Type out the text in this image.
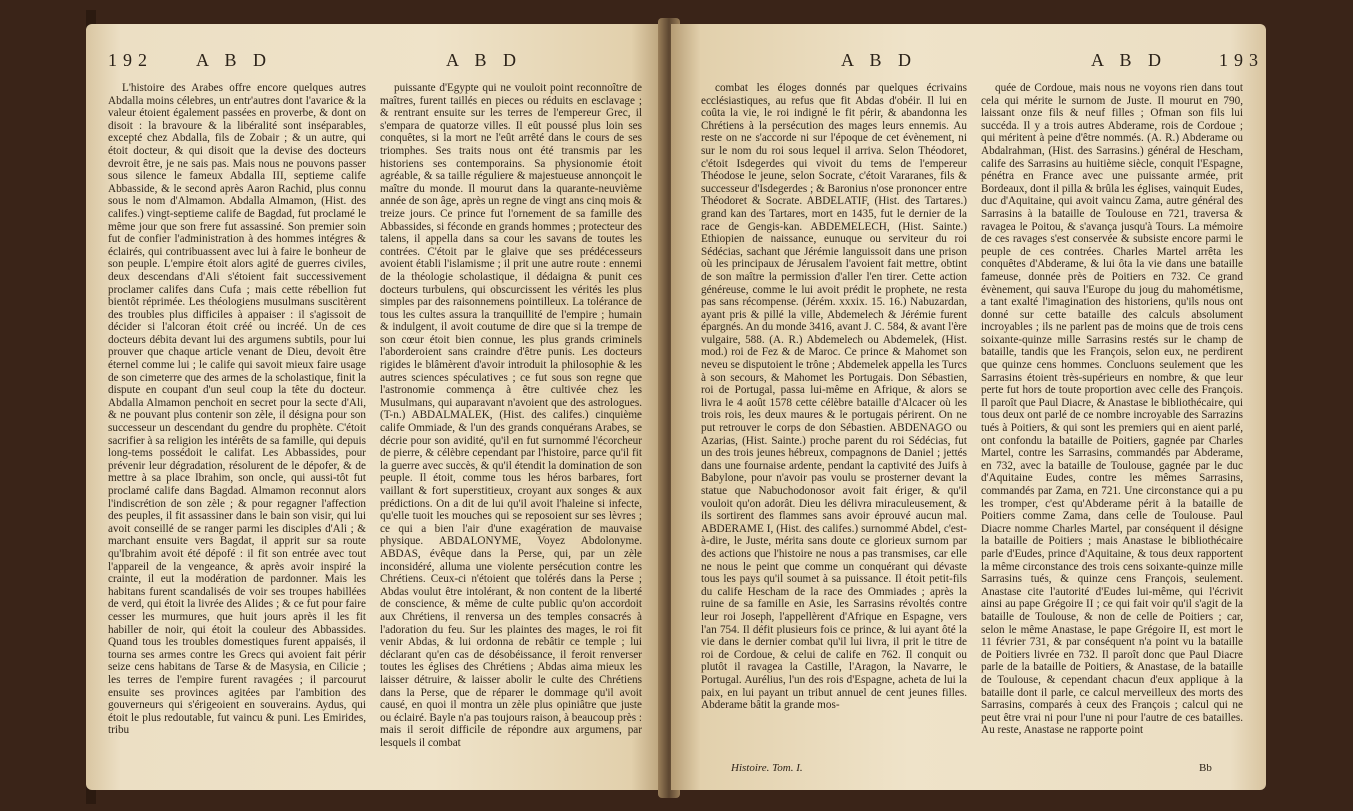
192 A B D	A B D
L'histoire des Arabes offre encore quelques autres Abdalla moins célebres, un entr'autres dont l'avarice & la valeur étoient également passées en proverbe, & dont on disoit : la bravoure & la libéralité sont inséparables, excepté chez Abdalla, fils de Zobair ; & un autre, qui étoit docteur, & qui disoit que la devise des docteurs devroit être, je ne sais pas. Mais nous ne pouvons passer sous silence le fameux Abdalla III, septieme calife Abbasside, & le second après Aaron Rachid, plus connu sous le nom d'Almamon. Abdalla Almamon, (Hist. des califes.) vingt-septieme calife de Bagdad, fut proclamé le même jour que son frere fut assassiné. Son premier soin fut de confier l'administration à des hommes intégres & éclairés, qui contribuassent avec lui à faire le bonheur de son peuple. L'empire étoit alors agité de guerres civiles, deux descendans d'Ali s'étoient fait successivement proclamer califes dans Cufa ; mais cette rébellion fut bientôt réprimée. Les théologiens musulmans suscitèrent des troubles plus difficiles à appaiser : il s'agissoit de décider si l'alcoran étoit créé ou incréé. Un de ces docteurs débita devant lui des argumens subtils, pour lui prouver que chaque article venant de Dieu, devoit être éternel comme lui ; le calife qui savoit mieux faire usage de son cimeterre que des armes de la scholastique, finit la dispute en coupant d'un seul coup la tête du docteur. Abdalla Almamon penchoit en secret pour la secte d'Ali, & ne pouvant plus contenir son zèle, il désigna pour son successeur un descendant du gendre du prophète. C'étoit sacrifier à sa religion les intérêts de sa famille, qui depuis long-tems possédoit le califat. Les Abbassides, pour prévenir leur dégradation, résolurent de le dépofer, & de mettre à sa place Ibrahim, son oncle, qui aussi-tôt fut proclamé calife dans Bagdad. Almamon reconnut alors l'indiscrétion de son zèle ; & pour regagner l'affection des peuples, il fit assassiner dans le bain son visir, qui lui avoit conseillé de se ranger parmi les disciples d'Ali ; & marchant ensuite vers Bagdat, il apprit sur sa route qu'Ibrahim avoit été dépofé : il fit son entrée avec tout l'appareil de la vengeance, & après avoir inspiré la crainte, il eut la modération de pardonner. Mais les habitans furent scandalisés de voir ses troupes habillées de verd, qui étoit la livrée des Alides ; & ce fut pour faire cesser les murmures, que huit jours après il les fit habiller de noir, qui étoit la couleur des Abbassides. Quand tous les troubles domestiques furent appaisés, il tourna ses armes contre les Grecs qui avoient fait périr seize cens habitans de Tarse & de Masysia, en Cilicie ; les terres de l'empire furent ravagées ; il parcourut ensuite ses provinces agitées par l'ambition des gouverneurs qui s'érigeoient en souverains. Aydus, qui étoit le plus redoutable, fut vaincu & puni. Les Emirides, tribu
puissante d'Egypte qui ne vouloit point reconnoître de maîtres, furent taillés en pieces ou réduits en esclavage ; & rentrant ensuite sur les terres de l'empereur Grec, il s'empara de quatorze villes. Il eût poussé plus loin ses conquêtes, si la mort ne l'eût arrêté dans le cours de ses triomphes. Ses traits nous ont été transmis par les historiens ses contemporains. Sa physionomie étoit agréable, & sa taille réguliere & majestueuse annonçoit le maître du monde. Il mourut dans la quarante-neuvième année de son âge, après un regne de vingt ans cinq mois & treize jours. Ce prince fut l'ornement de sa famille des Abbassides, si féconde en grands hommes ; protecteur des talens, il appella dans sa cour les savans de toutes les contrées. C'étoit par le glaive que ses prédécesseurs avoient établi l'islamisme ; il prit une autre route : ennemi de la théologie scholastique, il dédaigna & punit ces docteurs turbulens, qui obscurcissent les vérités les plus simples par des raisonnemens pointilleux. La tolérance de tous les cultes assura la tranquillité de l'empire ; humain & indulgent, il avoit coutume de dire que si la trempe de son cœur étoit bien connue, les plus grands criminels l'aborderoient sans craindre d'être punis. Les docteurs rigides le blâmèrent d'avoir introduit la philosophie & les autres sciences spéculatives ; ce fut sous son regne que l'astronomie commença à être cultivée chez les Musulmans, qui auparavant n'avoient que des astrologues. (T-n.) ABDALMALEK, (Hist. des califes.) cinquième calife Ommiade, & l'un des grands conquérans Arabes, se décrie pour son avidité, qu'il en fut surnommé l'écorcheur de pierre, & célèbre cependant par l'histoire, parce qu'il fit la guerre avec succès, & qu'il étendit la domination de son peuple. Il étoit, comme tous les héros barbares, fort vaillant & fort superstitieux, croyant aux songes & aux prédictions. On a dit de lui qu'il avoit l'haleine si infecte, qu'elle tuoit les mouches qui se reposoient sur ses lèvres ; ce qui a bien l'air d'une exagération de mauvaise physique. ABDALONYME, Voyez Abdolonyme. ABDAS, évêque dans la Perse, qui, par un zèle inconsidéré, alluma une violente persécution contre les Chrétiens. Ceux-ci n'étoient que tolérés dans la Perse ; Abdas voulut être intolérant, & non content de la liberté de conscience, & même de culte public qu'on accordoit aux Chrétiens, il renversa un des temples consacrés à l'adoration du feu. Sur les plaintes des mages, le roi fit venir Abdas, & lui ordonna de rebâtir ce temple ; lui déclarant qu'en cas de désobéissance, il feroit renverser toutes les églises des Chrétiens ; Abdas aima mieux les laisser détruire, & laisser abolir le culte des Chrétiens dans la Perse, que de réparer le dommage qu'il avoit causé, en quoi il montra un zèle plus opiniâtre que juste ou éclairé. Bayle n'a pas toujours raison, à beaucoup près : mais il seroit difficile de répondre aux argumens, par lesquels il combat
A B D	A B D	193
combat les éloges donnés par quelques écrivains ecclésiastiques, au refus que fit Abdas d'obéir. Il lui en coûta la vie, le roi indigné le fit périr, & abandonna les Chrétiens à la persécution des mages leurs ennemis. Au reste on ne s'accorde ni sur l'époque de cet évènement, ni sur le nom du roi sous lequel il arriva. Selon Théodoret, c'étoit Isdegerdes qui vivoit du tems de l'empereur Théodose le jeune, selon Socrate, c'étoit Vararanes, fils & successeur d'Isdegerdes ; & Baronius n'ose prononcer entre Théodoret & Socrate. ABDELATIF, (Hist. des Tartares.) grand kan des Tartares, mort en 1435, fut le dernier de la race de Gengis-kan. ABDEMELECH, (Hist. Sainte.) Ethiopien de naissance, eunuque ou serviteur du roi Sédécias, sachant que Jérémie languissoit dans une prison où les principaux de Jérusalem l'avoient fait mettre, obtint de son maître la permission d'aller l'en tirer. Cette action généreuse, comme le lui avoit prédit le prophete, ne resta pas sans récompense. (Jérém. xxxix. 15. 16.) Nabuzardan, ayant pris & pillé la ville, Abdemelech & Jérémie furent épargnés. An du monde 3416, avant J. C. 584, & avant l'ère vulgaire, 588. (A. R.) Abdemelech ou Abdemelek, (Hist. mod.) roi de Fez & de Maroc. Ce prince & Mahomet son neveu se disputoient le trône ; Abdemelek appella les Turcs à son secours, & Mahomet les Portugais. Don Sébastien, roi de Portugal, passa lui-même en Afrique, & alors se livra le 4 août 1578 cette célèbre bataille d'Alcacer où les trois rois, les deux maures & le portugais périrent. On ne put retrouver le corps de don Sébastien. ABDENAGO ou Azarias, (Hist. Sainte.) proche parent du roi Sédécias, fut un des trois jeunes hébreux, compagnons de Daniel ; jettés dans une fournaise ardente, pendant la captivité des Juifs à Babylone, pour n'avoir pas voulu se prosterner devant la statue que Nabuchodonosor avoit fait ériger, & qu'il vouloit qu'on adorât. Dieu les délivra miraculeusement, & ils sortirent des flammes sans avoir éprouvé aucun mal. ABDERAME I, (Hist. des califes.) surnommé Abdel, c'est-à-dire, le Juste, mérita sans doute ce glorieux surnom par des actions que l'histoire ne nous a pas transmises, car elle ne nous le peint que comme un conquérant qui dévaste tous les pays qu'il soumet à sa puissance. Il étoit petit-fils du calife Hescham de la race des Ommiades ; après la ruine de sa famille en Asie, les Sarrasins révoltés contre leur roi Joseph, l'appellèrent d'Afrique en Espagne, vers l'an 754. Il défit plusieurs fois ce prince, & lui ayant ôté la vie dans le dernier combat qu'il lui livra, il prit le titre de roi de Cordoue, & celui de calife en 762. Il conquit ou plutôt il ravagea la Castille, l'Aragon, la Navarre, le Portugal. Aurélius, l'un des rois d'Espagne, acheta de lui la paix, en lui payant un tribut annuel de cent jeunes filles. Abderame bâtit la grande mos-
quée de Cordoue, mais nous ne voyons rien dans tout cela qui mérite le surnom de Juste. Il mourut en 790, laissant onze fils & neuf filles ; Ofman son fils lui succéda. Il y a trois autres Abderame, rois de Cordoue ; qui méritent à peine d'être nommés. (A. R.) Abderame ou Abdalrahman, (Hist. des Sarrasins.) général de Hescham, calife des Sarrasins au huitième siècle, conquit l'Espagne, pénétra en France avec une puissante armée, prit Bordeaux, dont il pilla & brûla les églises, vainquit Eudes, duc d'Aquitaine, qui avoit vaincu Zama, autre général des Sarrasins à la bataille de Toulouse en 721, traversa & ravagea le Poitou, & s'avança jusqu'à Tours. La mémoire de ces ravages s'est conservée & subsiste encore parmi le peuple de ces contrées. Charles Martel arrêta les conquêtes d'Abderame, & lui ôta la vie dans une bataille fameuse, donnée près de Poitiers en 732. Ce grand évènement, qui sauva l'Europe du joug du mahométisme, a tant exalté l'imagination des historiens, qu'ils nous ont donné sur cette bataille des calculs absolument incroyables ; ils ne parlent pas de moins que de trois cens soixante-quinze mille Sarrasins restés sur le champ de bataille, tandis que les François, selon eux, ne perdirent que quinze cens hommes. Concluons seulement que les Sarrasins étoient très-supérieurs en nombre, & que leur perte fut hors de toute proportion avec celle des François. Il paroît que Paul Diacre, & Anastase le bibliothécaire, qui tous deux ont parlé de ce nombre incroyable des Sarrazins tués à Poitiers, & qui sont les premiers qui en aient parlé, ont confondu la bataille de Poitiers, gagnée par Charles Martel, contre les Sarrasins, commandés par Abderame, en 732, avec la bataille de Toulouse, gagnée par le duc d'Aquitaine Eudes, contre les mêmes Sarrasins, commandés par Zama, en 721. Une circonstance qui a pu les tromper, c'est qu'Abderame périt à la bataille de Poitiers comme Zama, dans celle de Toulouse. Paul Diacre nomme Charles Martel, par conséquent il désigne la bataille de Poitiers ; mais Anastase le bibliothécaire parle d'Eudes, prince d'Aquitaine, & tous deux rapportent la même circonstance des trois cens soixante-quinze mille Sarrasins tués, & quinze cens François, seulement. Anastase cite l'autorité d'Eudes lui-même, qui l'écrivit ainsi au pape Grégoire II ; ce qui fait voir qu'il s'agit de la bataille de Toulouse, & non de celle de Poitiers ; car, selon le même Anastase, le pape Grégoire II, est mort le 11 février 731, & par conséquent n'a point vu la bataille de Poitiers livrée en 732. Il paroît donc que Paul Diacre parle de la bataille de Poitiers, & Anastase, de la bataille de Toulouse, & cependant chacun d'eux applique à la bataille dont il parle, ce calcul merveilleux des morts des Sarrasins, comparés à ceux des François ; calcul qui ne peut être vrai ni pour l'une ni pour l'autre de ces batailles. Au reste, Anastase ne rapporte point
Histoire. Tom. I.	Bb
